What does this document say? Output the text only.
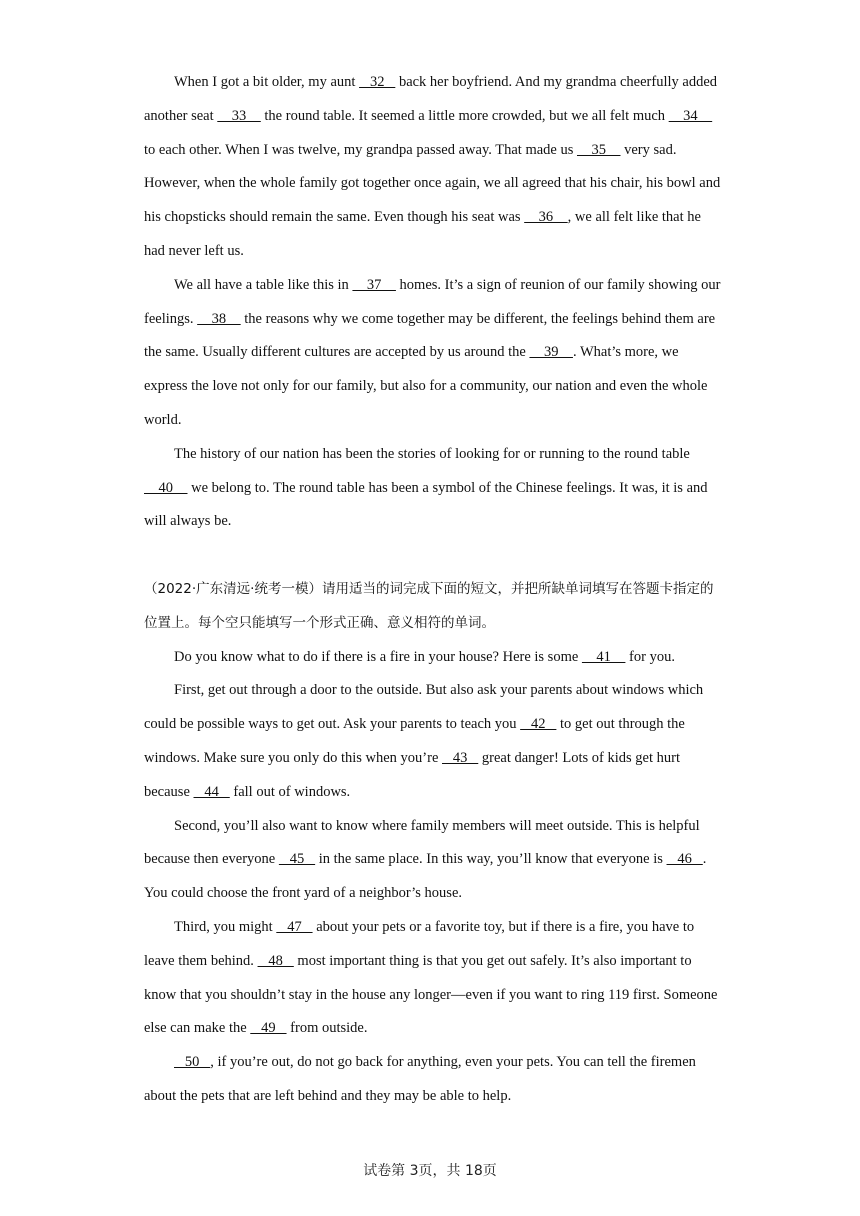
When I got a bit older, my aunt    32    back her boyfriend. And my grandma cheerfully added another seat     33     the round table. It seemed a little more crowded, but we all felt much     34     to each other. When I was twelve, my grandpa passed away. That made us     35     very sad. However, when the whole family got together once again, we all agreed that his chair, his bowl and his chopsticks should remain the same. Even though his seat was     36    , we all felt like that he had never left us.

We all have a table like this in     37     homes. It’s a sign of reunion of our family showing our feelings.     38     the reasons why we come together may be different, the feelings behind them are the same. Usually different cultures are accepted by us around the     39    . What’s more, we express the love not only for our family, but also for a community, our nation and even the whole world.

The history of our nation has been the stories of looking for or running to the round table     40     we belong to. The round table has been a symbol of the Chinese feelings. It was, it is and will always be.

（2022·广东清远·统考一模）请用适当的词完成下面的短文，并把所缺单词填写在答题卡指定的位置上。每个空只能填写一个形式正确、意义相符的单词。

Do you know what to do if there is a fire in your house? Here is some     41     for you.

First, get out through a door to the outside. But also ask your parents about windows which could be possible ways to get out. Ask your parents to teach you    42    to get out through the windows. Make sure you only do this when you’re    43    great danger! Lots of kids get hurt because    44    fall out of windows.

Second, you’ll also want to know where family members will meet outside. This is helpful because then everyone    45    in the same place. In this way, you’ll know that everyone is    46   . You could choose the front yard of a neighbor’s house.

Third, you might    47    about your pets or a favorite toy, but if there is a fire, you have to leave them behind.    48    most important thing is that you get out safely. It’s also important to know that you shouldn’t stay in the house any longer—even if you want to ring 119 first. Someone else can make the    49    from outside.

50   , if you’re out, do not go back for anything, even your pets. You can tell the firemen about the pets that are left behind and they may be able to help.

试卷第 3页，共 18页
